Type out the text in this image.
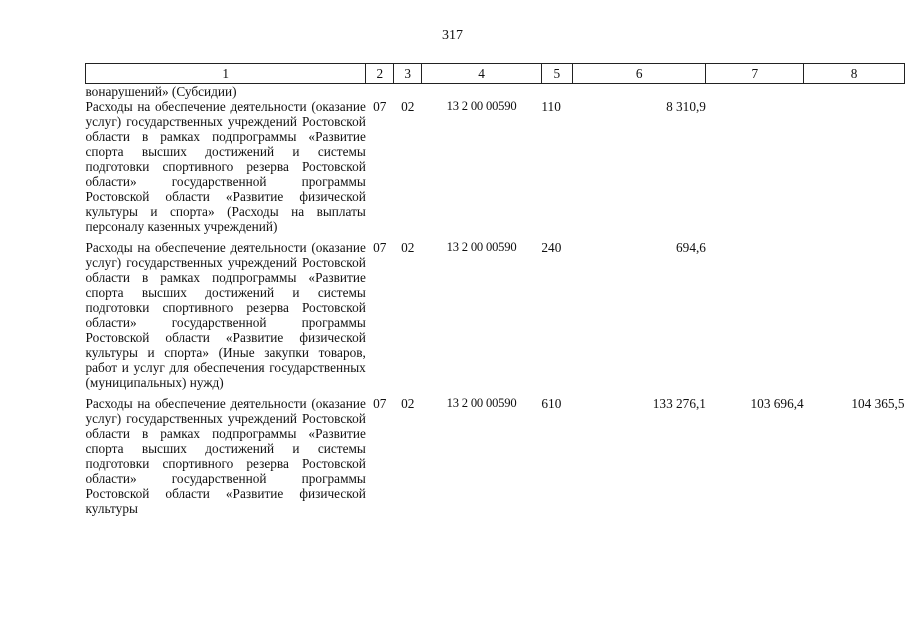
317
1	2	3	4	5	6	7	8
вонарушений» (Субсидии)							
Расходы на обеспечение деятельности (оказание услуг) государственных учреждений Ростовской области в рамках подпрограммы «Развитие спорта высших достижений и системы подготовки спортивного резерва Ростовской области» государственной программы Ростовской области «Развитие физической культуры и спорта» (Расходы на выплаты персоналу казенных учреждений)	07	02	13 2 00 00590	110	8 310,9		
Расходы на обеспечение деятельности (оказание услуг) государственных учреждений Ростовской области в рамках подпрограммы «Развитие спорта высших достижений и системы подготовки спортивного резерва Ростовской области» государственной программы Ростовской области «Развитие физической культуры и спорта» (Иные закупки товаров, работ и услуг для обеспечения государственных (муниципальных) нужд)	07	02	13 2 00 00590	240	694,6		
Расходы на обеспечение деятельности (оказание услуг) государственных учреждений Ростовской области в рамках подпрограммы «Развитие спорта высших достижений и системы подготовки спортивного резерва Ростовской области» государственной программы Ростовской области «Развитие физической культуры	07	02	13 2 00 00590	610	133 276,1	103 696,4	104 365,5
